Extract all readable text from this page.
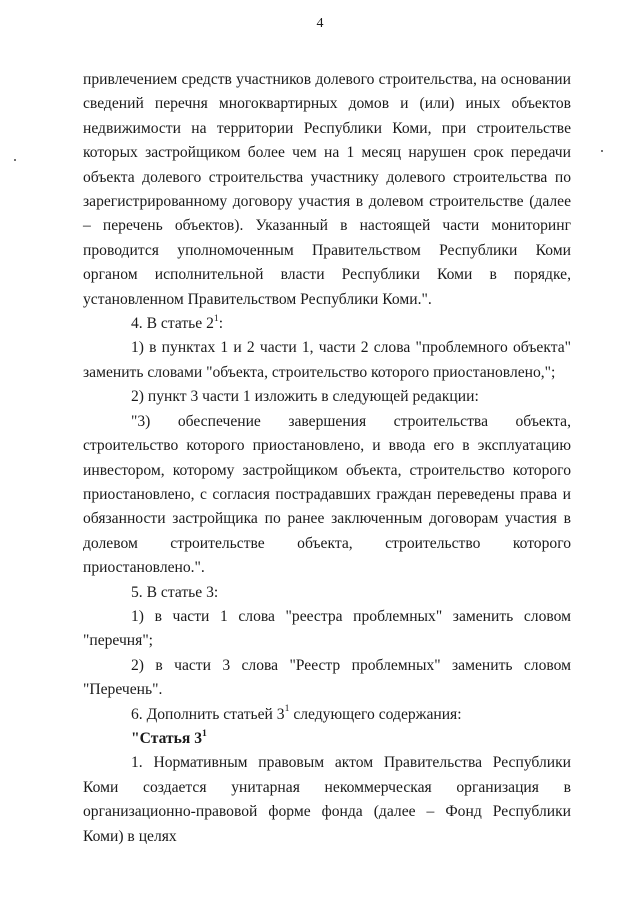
4

привлечением средств участников долевого строительства, на основании сведений перечня многоквартирных домов и (или) иных объектов недвижимости на территории Республики Коми, при строительстве которых застройщиком более чем на 1 месяц нарушен срок передачи объекта долевого строительства участнику долевого строительства по зарегистрированному договору участия в долевом строительстве (далее – перечень объектов). Указанный в настоящей части мониторинг проводится уполномоченным Правительством Республики Коми органом исполнительной власти Республики Коми в порядке, установленном Правительством Республики Коми.".

4. В статье $2^1$:

1) в пунктах 1 и 2 части 1, части 2 слова "проблемного объекта" заменить словами "объекта, строительство которого приостановлено,";

2) пункт 3 части 1 изложить в следующей редакции:

"3) обеспечение завершения строительства объекта, строительство которого приостановлено, и ввода его в эксплуатацию инвестором, которому застройщиком объекта, строительство которого приостановлено, с согласия пострадавших граждан переведены права и обязанности застройщика по ранее заключенным договорам участия в долевом строительстве объекта, строительство которого приостановлено.".

5. В статье 3:

1) в части 1 слова "реестра проблемных" заменить словом "перечня";

2) в части 3 слова "Реестр проблемных" заменить словом "Перечень".

6. Дополнить статьей $3^1$ следующего содержания:

"Статья $3^1$

1. Нормативным правовым актом Правительства Республики Коми создается унитарная некоммерческая организация в организационно-правовой форме фонда (далее – Фонд Республики Коми) в целях
